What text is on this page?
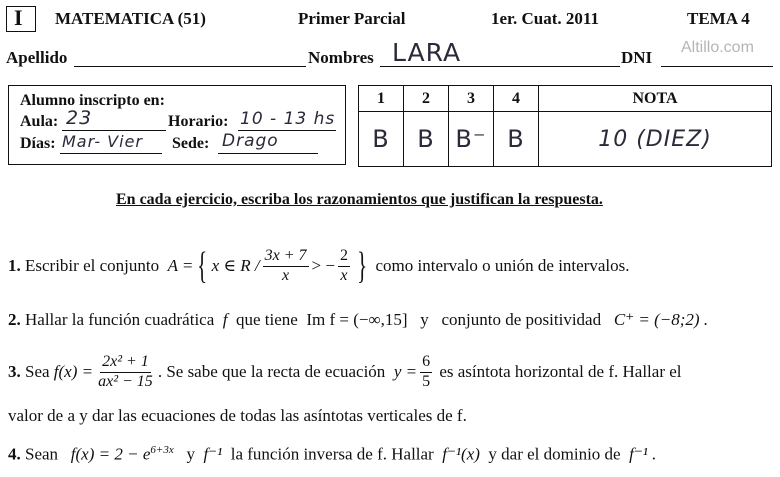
I MATEMATICA (51)	Primer Parcial	1er. Cuat. 2011	TEMA 4
Altillo.com
Apellido	Nombres LARA	DNI
Alumno inscripto en:
Aula: 23	Horario: 10 - 13 hs
Días: Mar- Vier Sede: Drago
1	2	3	4	NOTA
B	B	B⁻	B	10 (DIEZ)
En cada ejercicio, escriba los razonamientos que justifican la respuesta.
1.
Escribir el conjunto
A = { x ∈ R / $\frac{3x + 7}{x}$ > − $\frac{2}{x}$ }
como intervalo o unión de intervalos.
2. Hallar la función cuadrática f que tiene Im f = (−∞,15] y conjunto de positividad C⁺ = (−8;2) .
3.
Sea
$f(x) = \frac{\text{2x² + 1}}{\text{ax² − 15}}$ . Se sabe que la recta de ecuación
$y = \frac{6}{5}$
es asíntota horizontal de f. Hallar el
valor de a y dar las ecuaciones de todas las asíntotas verticales de f.
4. Sean $f(x) = 2 - e^{6+3x}$ y f⁻¹ la función inversa de f. Hallar f⁻¹(x) y dar el dominio de f⁻¹ .
